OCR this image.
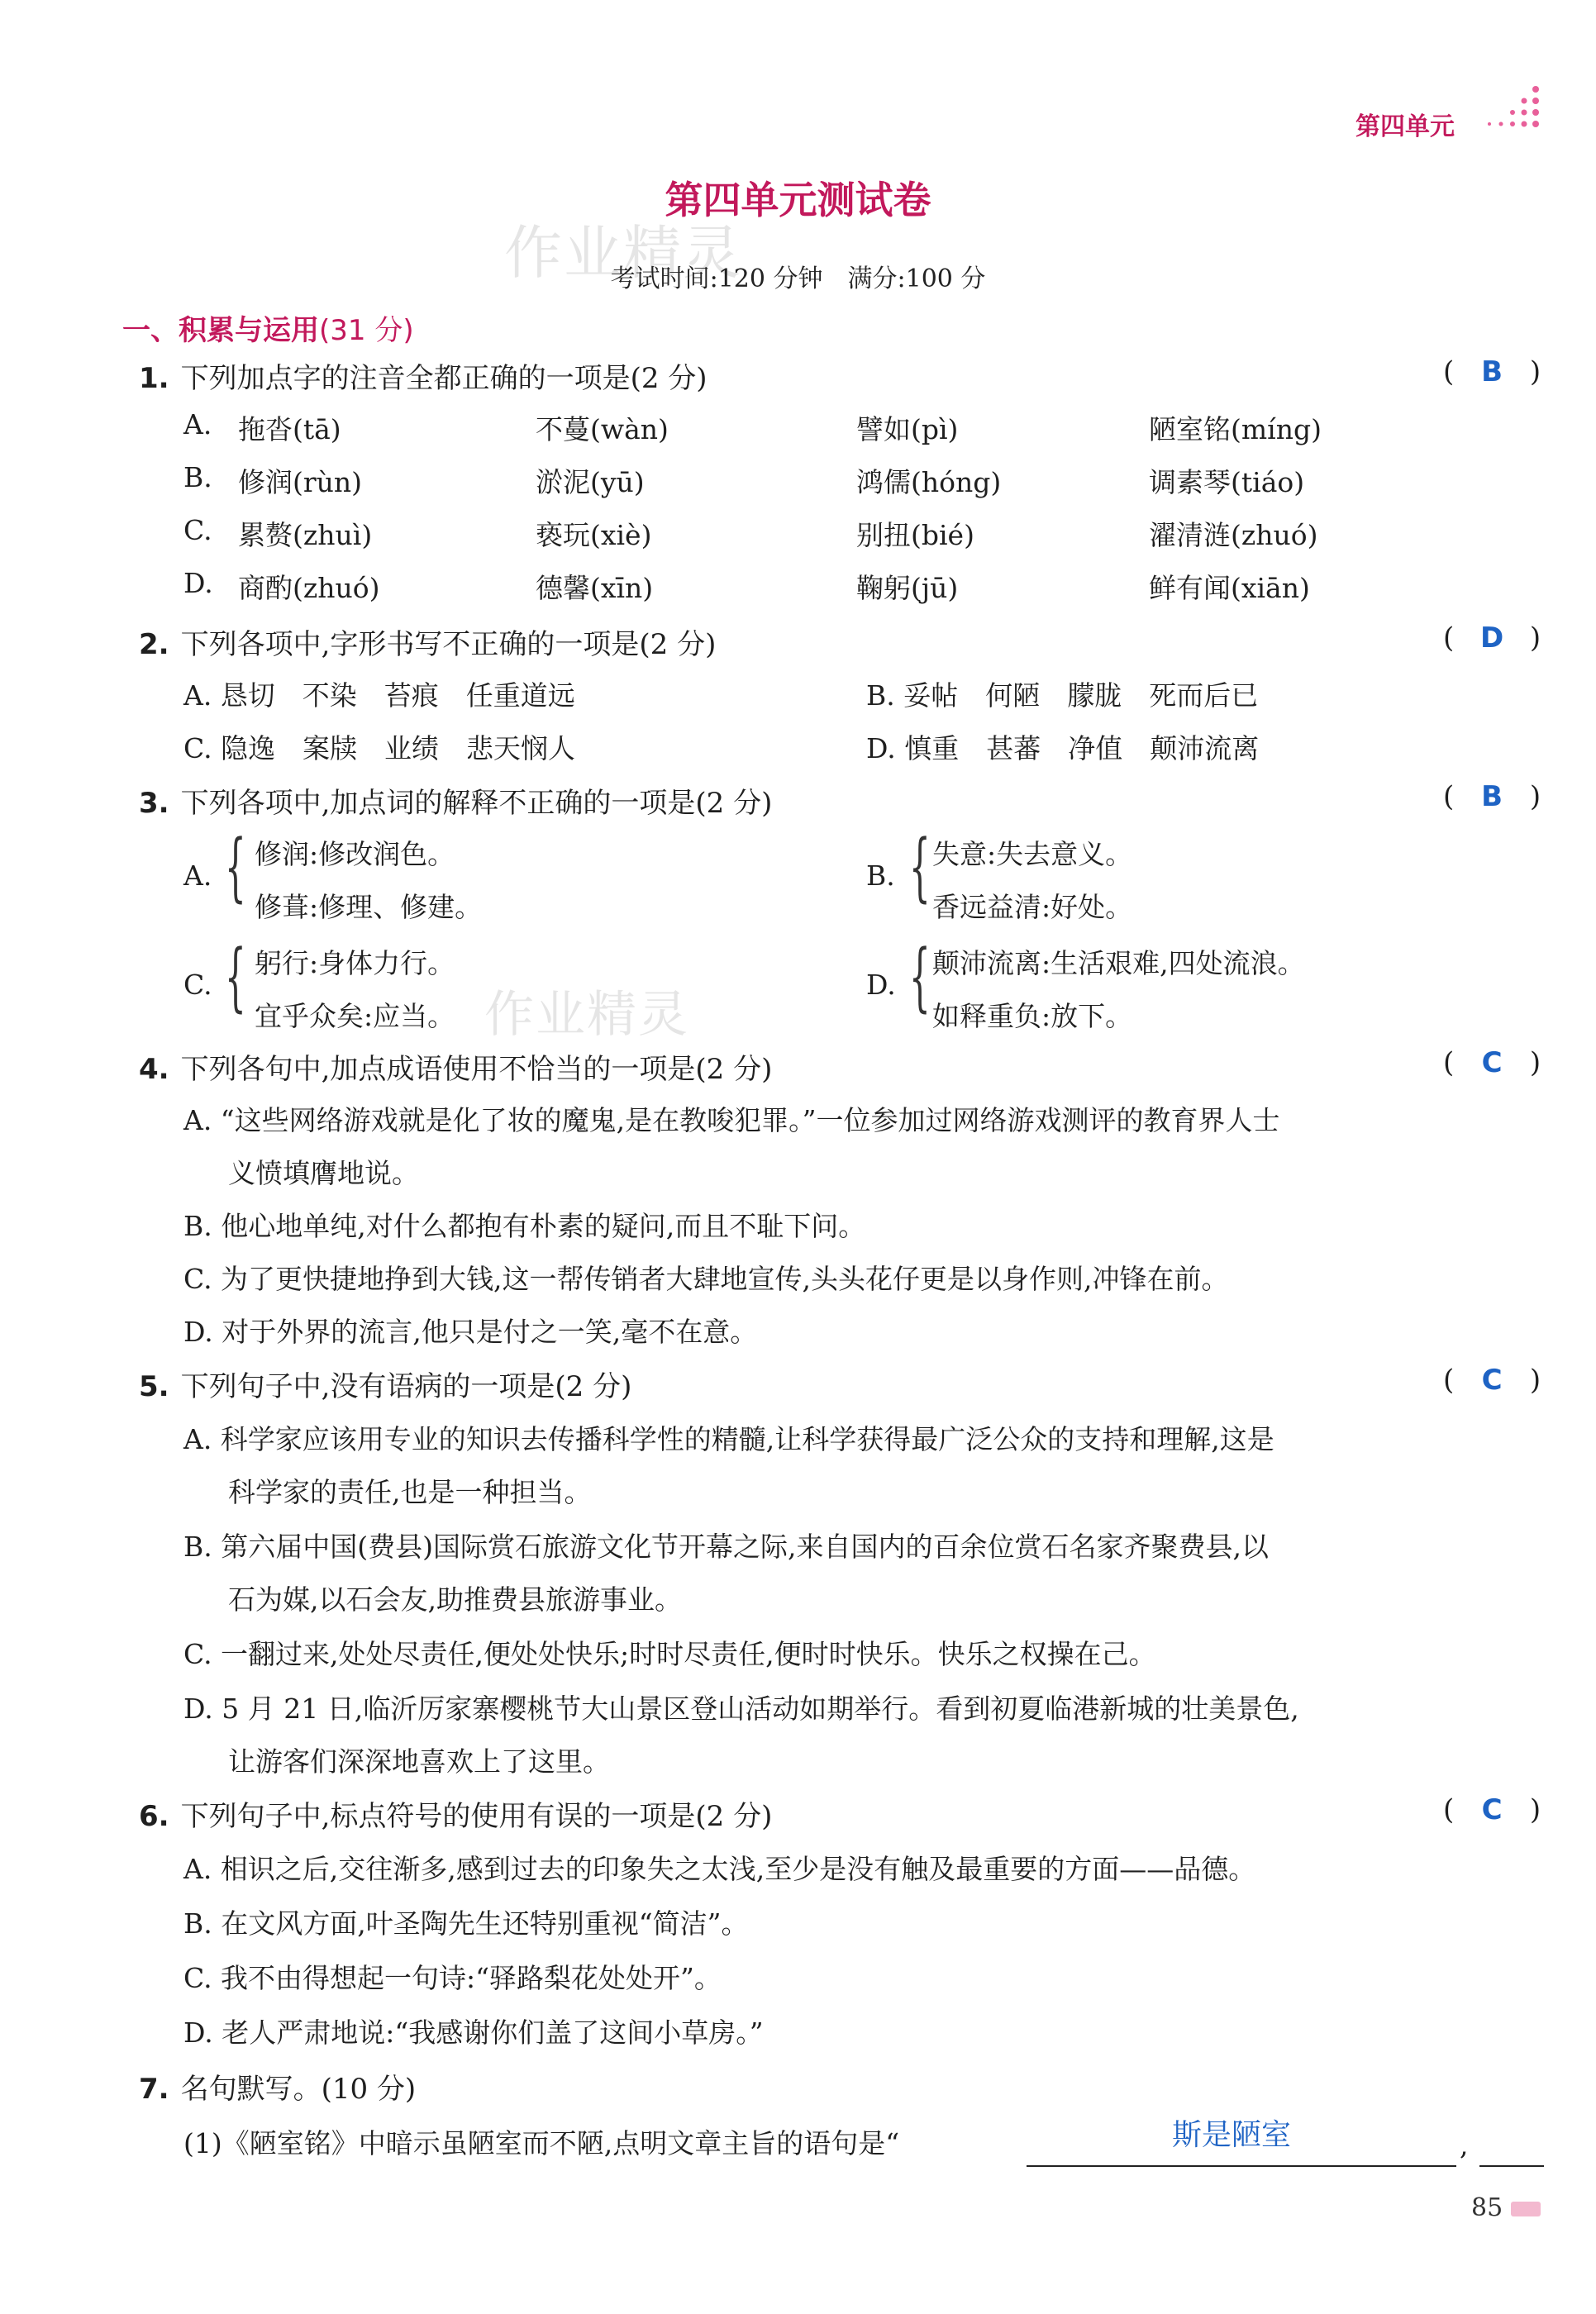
第四单元
第四单元测试卷
作业精灵
考试时间:120 分钟　满分:100 分
一、积累与运用(31 分)
1. 下列加点字的注音全都正确的一项是(2 分)	( B )
A. 拖沓(tā)	不蔓(wàn)	譬如(pì)	陋室铭(míng)
B. 修润(rùn)	淤泥(yū)	鸿儒(hóng)	调素琴(tiáo)
C. 累赘(zhuì)	亵玩(xiè)	别扭(bié)	濯清涟(zhuó)
D. 商酌(zhuó)	德馨(xīn)	鞠躬(jū)	鲜有闻(xiān)
2. 下列各项中,字形书写不正确的一项是(2 分)	( D )
A. 恳切　不染　苔痕　任重道远	B. 妥帖　何陋　朦胧　死而后已
C. 隐逸　案牍　业绩　悲天悯人	D. 慎重　甚蕃　净值　颠沛流离
3. 下列各项中,加点词的解释不正确的一项是(2 分)	( B )
A. { 修润:修改润色。
修葺:修理、修建。
B. { 失意:失去意义。
香远益清:好处。
C. { 躬行:身体力行。
宜乎众矣:应当。 作业精灵
D. { 颠沛流离:生活艰难,四处流浪。
如释重负:放下。
4. 下列各句中,加点成语使用不恰当的一项是(2 分)	( C )
A. “这些网络游戏就是化了妆的魔鬼,是在教唆犯罪。”一位参加过网络游戏测评的教育界人士
义愤填膺地说。
B. 他心地单纯,对什么都抱有朴素的疑问,而且不耻下问。
C. 为了更快捷地挣到大钱,这一帮传销者大肆地宣传,头头花仔更是以身作则,冲锋在前。
D. 对于外界的流言,他只是付之一笑,毫不在意。
5. 下列句子中,没有语病的一项是(2 分)	( C )
A. 科学家应该用专业的知识去传播科学性的精髓,让科学获得最广泛公众的支持和理解,这是
科学家的责任,也是一种担当。
B. 第六届中国(费县)国际赏石旅游文化节开幕之际,来自国内的百余位赏石名家齐聚费县,以
石为媒,以石会友,助推费县旅游事业。
C. 一翻过来,处处尽责任,便处处快乐;时时尽责任,便时时快乐。快乐之权操在己。
D. 5 月 21 日,临沂厉家寨樱桃节大山景区登山活动如期举行。看到初夏临港新城的壮美景色,
让游客们深深地喜欢上了这里。
6. 下列句子中,标点符号的使用有误的一项是(2 分)	( C )
A. 相识之后,交往渐多,感到过去的印象失之太浅,至少是没有触及最重要的方面——品德。
B. 在文风方面,叶圣陶先生还特别重视“简洁”。
C. 我不由得想起一句诗:“驿路梨花处处开”。
D. 老人严肃地说:“我感谢你们盖了这间小草房。”
7. 名句默写。(10 分)
(1)《陋室铭》中暗示虽陋室而不陋,点明文章主旨的语句是“	斯是陋室	,
85
